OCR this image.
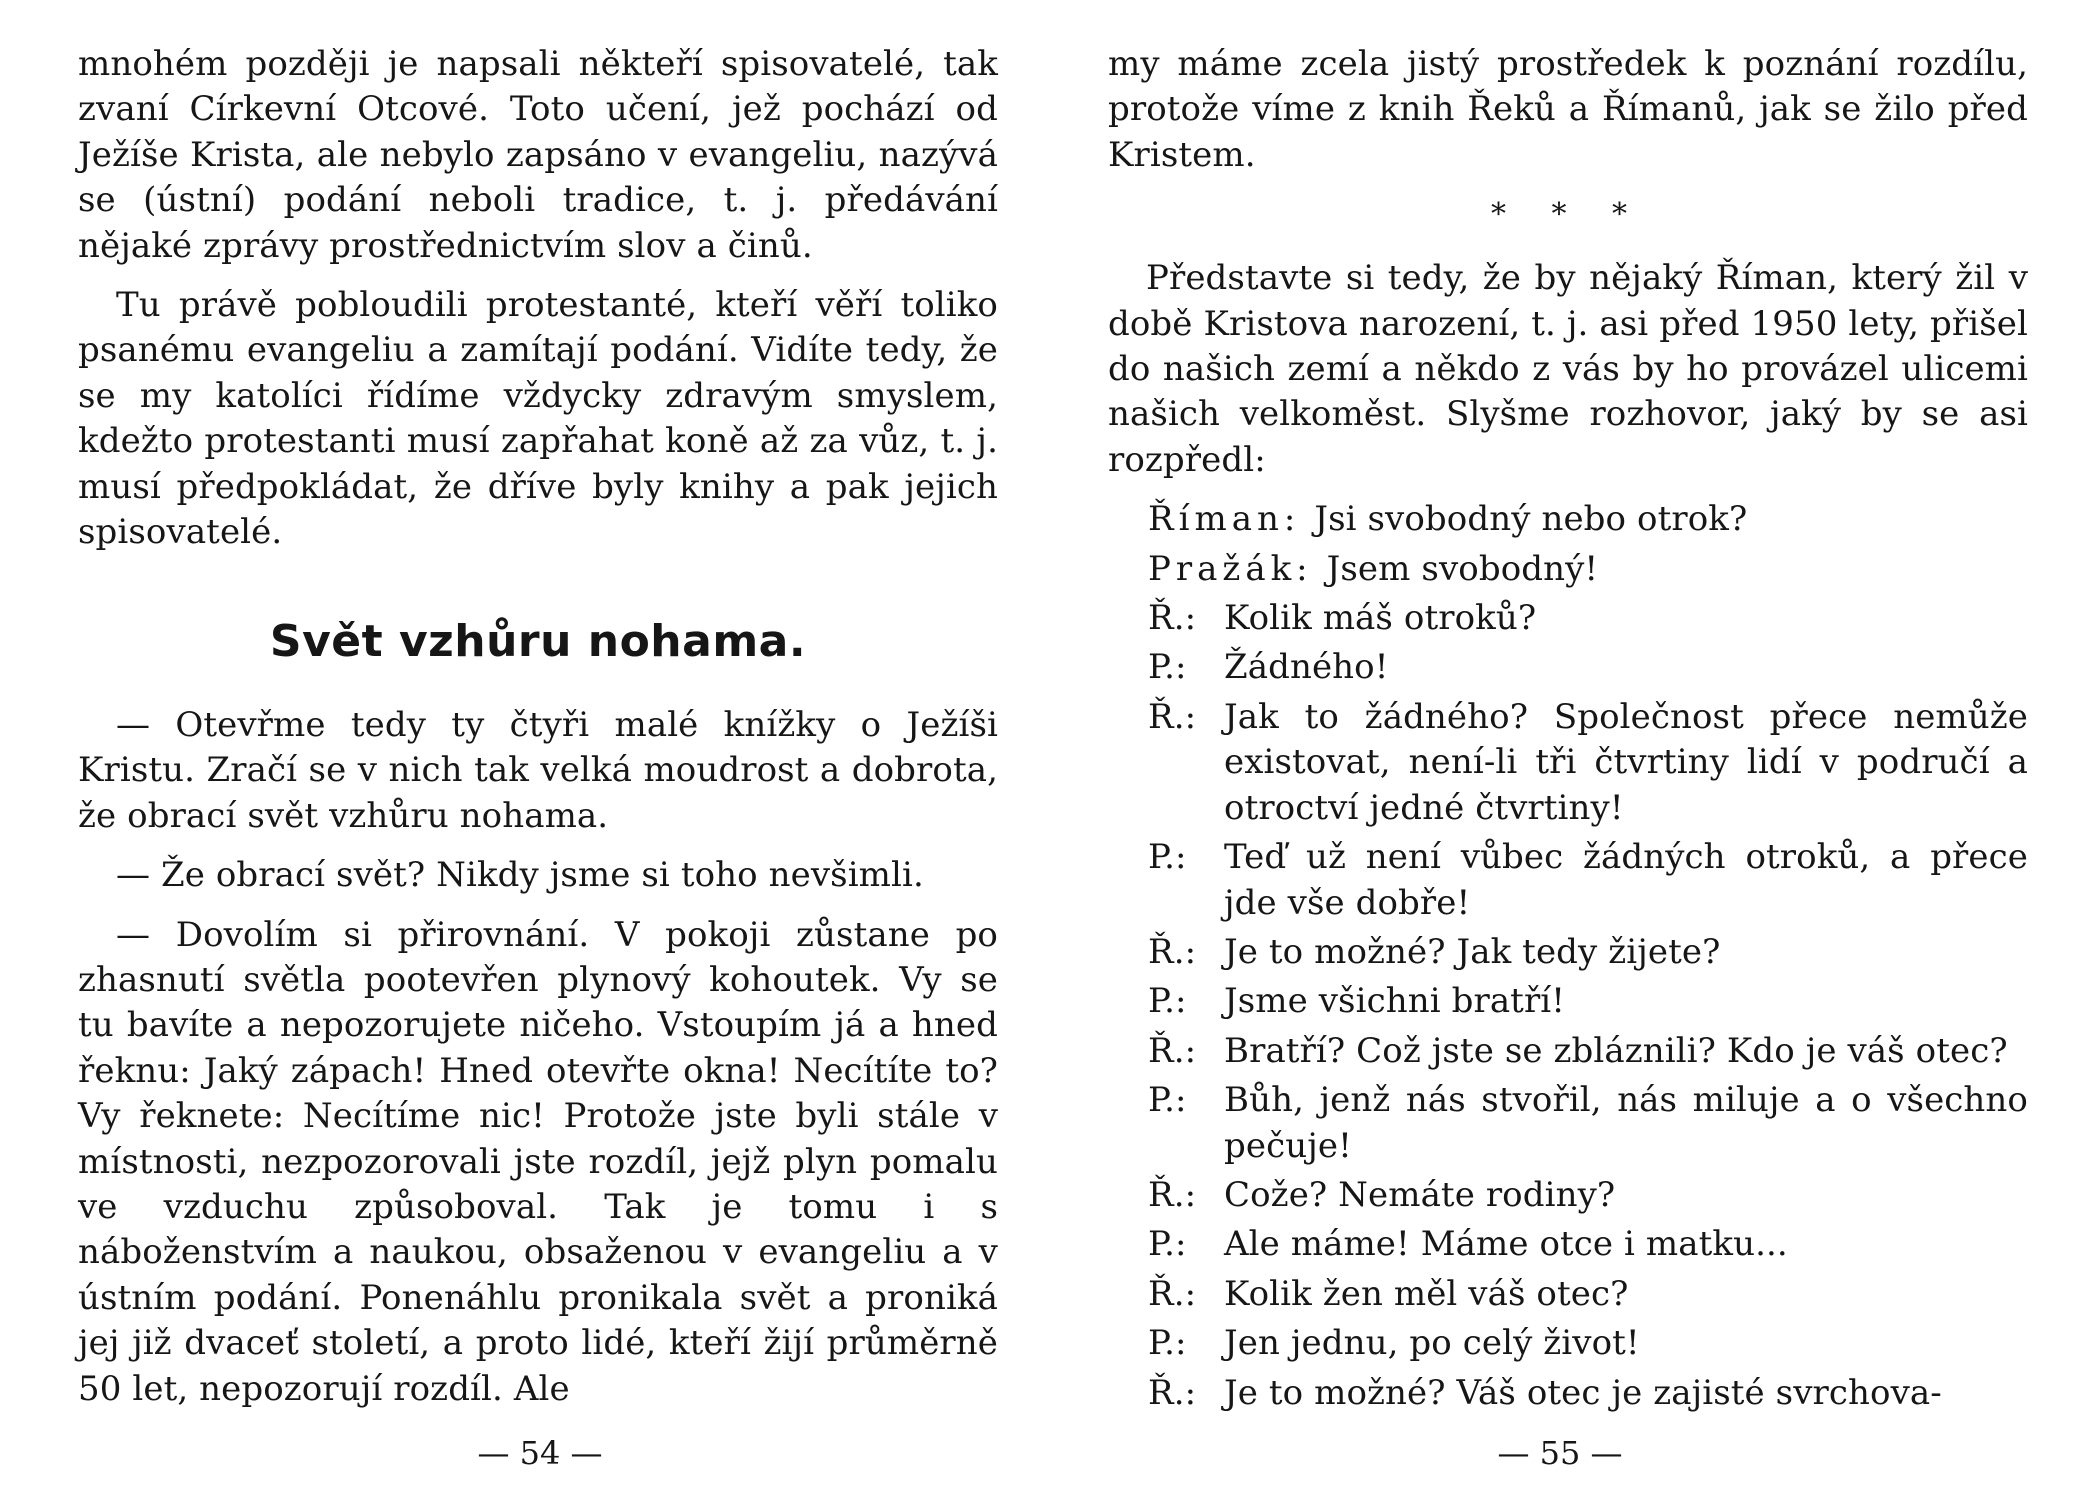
mnohém později je napsali někteří spisovatelé, tak zvaní Církevní Otcové. Toto učení, jež pochází od Ježíše Krista, ale nebylo zapsáno v evangeliu, nazývá se (ústní) podání neboli tradice, t. j. předávání nějaké zprávy prostřednictvím slov a činů.

Tu právě pobloudili protestanté, kteří věří toliko psanému evangeliu a zamítají podání. Vidíte tedy, že se my katolíci řídíme vždycky zdravým smyslem, kdežto protestanti musí zapřahat koně až za vůz, t. j. musí předpokládat, že dříve byly knihy a pak jejich spisovatelé.

Svět vzhůru nohama.

— Otevřme tedy ty čtyři malé knížky o Ježíši Kristu. Zračí se v nich tak velká moudrost a dobrota, že obrací svět vzhůru nohama.

— Že obrací svět? Nikdy jsme si toho nevšimli.

— Dovolím si přirovnání. V pokoji zůstane po zhasnutí světla pootevřen plynový kohoutek. Vy se tu bavíte a nepozorujete ničeho. Vstoupím já a hned řeknu: Jaký zápach! Hned otevřte okna! Necítíte to? Vy řeknete: Necítíme nic! Protože jste byli stále v místnosti, nezpozorovali jste rozdíl, jejž plyn pomalu ve vzduchu způsoboval. Tak je tomu i s náboženstvím a naukou, obsaženou v evangeliu a v ústním podání. Ponenáhlu pronikala svět a proniká jej již dvaceť století, a proto lidé, kteří žijí průměrně 50 let, nepozorují rozdíl. Ale

— 54 —

my máme zcela jistý prostředek k poznání rozdílu, protože víme z knih Řeků a Římanů, jak se žilo před Kristem.

* * *

Představte si tedy, že by nějaký Říman, který žil v době Kristova narození, t. j. asi před 1950 lety, přišel do našich zemí a někdo z vás by ho provázel ulicemi našich velkoměst. Slyšme rozhovor, jaký by se asi rozpředl:

Říman: Jsi svobodný nebo otrok?
Pražák: Jsem svobodný!
Ř.: Kolik máš otroků?
P.:	Žádného!
Ř.: Jak to žádného? Společnost přece nemůže existovat, není-li tři čtvrtiny lidí v područí a otroctví jedné čtvrtiny!
P.:	Teď už není vůbec žádných otroků, a přece jde vše dobře!
Ř.: Je to možné? Jak tedy žijete?
P.:	Jsme všichni bratří!
Ř.: Bratří? Což jste se zbláznili? Kdo je váš otec?
P.:	Bůh, jenž nás stvořil, nás miluje a o všechno pečuje!
Ř.: Cože? Nemáte rodiny?
P.:	Ale máme! Máme otce i matku...
Ř.: Kolik žen měl váš otec?
P.:	Jen jednu, po celý život!
Ř.: Je to možné? Váš otec je zajisté svrchova-
— 55 —
